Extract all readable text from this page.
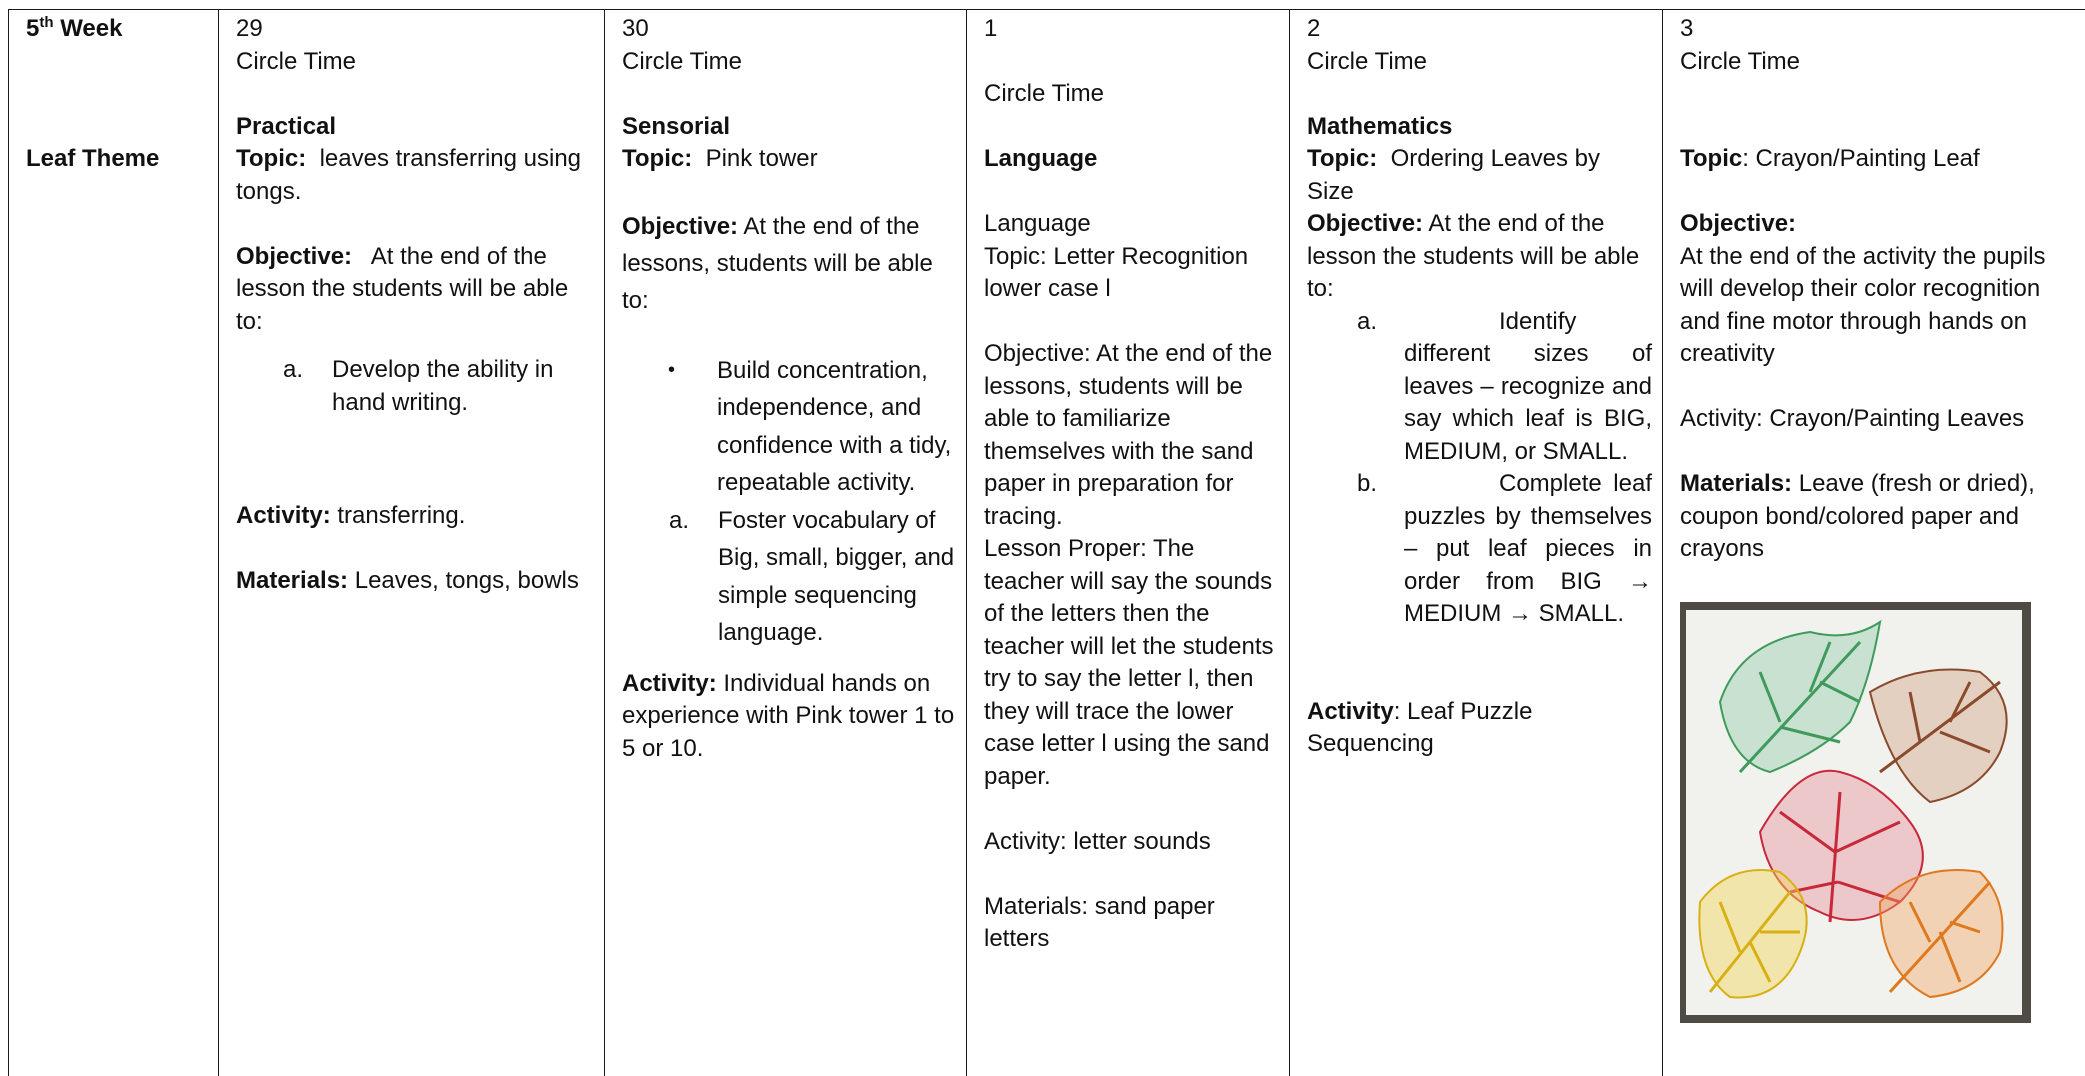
5th Week
Leaf Theme

29
Circle Time
Practical
Topic: leaves transferring using tongs.
Objective: At the end of the lesson the students will be able to:
a.	Develop the ability in hand writing.
Activity: transferring.
Materials: Leaves, tongs, bowls

30
Circle Time
Sensorial
Topic: Pink tower
Objective: At the end of the lessons, students will be able to:
•	Build concentration, independence, and confidence with a tidy, repeatable activity.
a.	Foster vocabulary of Big, small, bigger, and simple sequencing language.
Activity: Individual hands on experience with Pink tower 1 to 5 or 10.

1
Circle Time
Language
Language
Topic: Letter Recognition lower case l
Objective: At the end of the lessons, students will be able to familiarize themselves with the sand paper in preparation for tracing.
Lesson Proper: The teacher will say the sounds of the letters then the teacher will let the students try to say the letter l, then they will trace the lower case letter l using the sand paper.
Activity: letter sounds
Materials: sand paper letters

2
Circle Time
Mathematics
Topic: Ordering Leaves by Size
Objective: At the end of the lesson the students will be able to:
a.	Identify different sizes of leaves – recognize and say which leaf is BIG, MEDIUM, or SMALL.
b.	Complete leaf puzzles by themselves – put leaf pieces in order from BIG → MEDIUM → SMALL.
Activity: Leaf Puzzle Sequencing

3
Circle Time
Topic: Crayon/Painting Leaf
Objective:
At the end of the activity the pupils will develop their color recognition and fine motor through hands on creativity
Activity: Crayon/Painting Leaves
Materials: Leave (fresh or dried), coupon bond/colored paper and crayons
